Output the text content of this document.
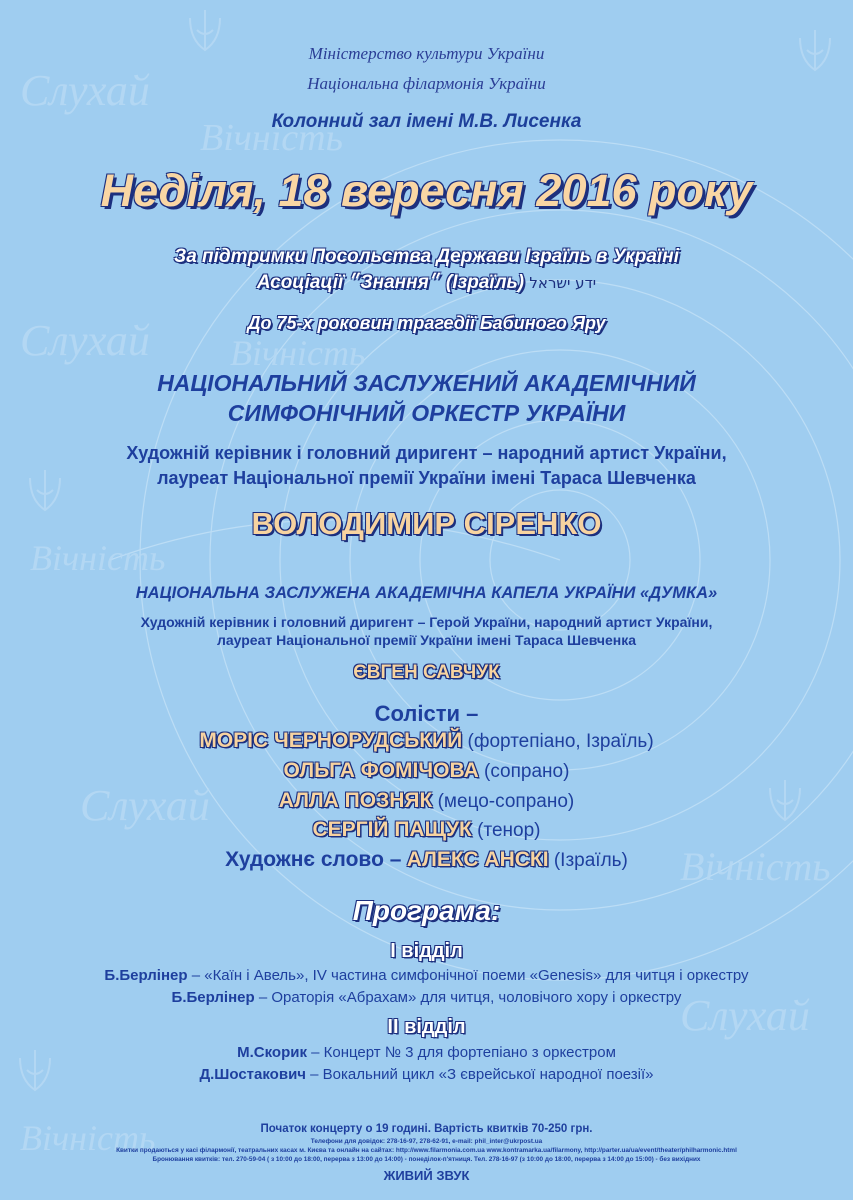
Слухай
Вічність
Слухай Вічність
Вічність
Слухай
Вічність
Слухай
Вічність
Міністерство культури України
Національна філармонія України
Колонний зал імені М.В. Лисенка
Неділя, 18 вересня 2016 року
За підтримки Посольства Держави Ізраїль в Україні
Асоціації ״Знання״ (Ізраїль) ידע ישראל
До 75-х роковин трагедії Бабиного Яру
НАЦІОНАЛЬНИЙ ЗАСЛУЖЕНИЙ АКАДЕМІЧНИЙ
СИМФОНІЧНИЙ ОРКЕСТР УКРАЇНИ
Художній керівник і головний диригент – народний артист України,
лауреат Національної премії України імені Тараса Шевченка
ВОЛОДИМИР СІРЕНКО
НАЦІОНАЛЬНА ЗАСЛУЖЕНА АКАДЕМІЧНА КАПЕЛА УКРАЇНИ «ДУМКА»
Художній керівник і головний диригент – Герой України, народний артист України,
лауреат Національної премії України імені Тараса Шевченка
ЄВГЕН САВЧУК
Солісти –
МОРІС ЧЕРНОРУДСЬКИЙ (фортепіано, Ізраїль)
ОЛЬГА ФОМІЧОВА (сопрано)
АЛЛА ПОЗНЯК (мецо-сопрано)
СЕРГІЙ ПАЩУК (тенор)
Художнє слово – АЛЕКС АНСКІ (Ізраїль)
Програма:
І відділ
Б.Берлінер – «Каїн і Авель», IV частина симфонічної поеми «Genesis» для читця і оркестру
Б.Берлінер – Ораторія «Абрахам» для читця, чоловічого хору і оркестру
ІІ відділ
М.Скорик – Концерт № 3 для фортепіано з оркестром
Д.Шостакович – Вокальний цикл «З єврейської народної поезії»
Початок концерту о 19 годині. Вартість квитків 70-250 грн.
Телефони для довідок: 278-16-97, 278-62-91, e-mail: phil_inter@ukrpost.ua
Квитки продаються у касі філармонії, театральних касах м. Києва та онлайн на сайтах: http://www.filarmonia.com.ua www.kontramarka.ua/filarmony, http://parter.ua/ua/event/theater/philharmonic.html
Бронювання квитків: тел. 270-59-04 ( з 10:00 до 18:00, перерва з 13:00 до 14:00) - понеділок-п'ятниця. Тел. 278-16-97 (з 10:00 до 18:00, перерва з 14:00 до 15:00) - без вихідних
ЖИВИЙ ЗВУК
